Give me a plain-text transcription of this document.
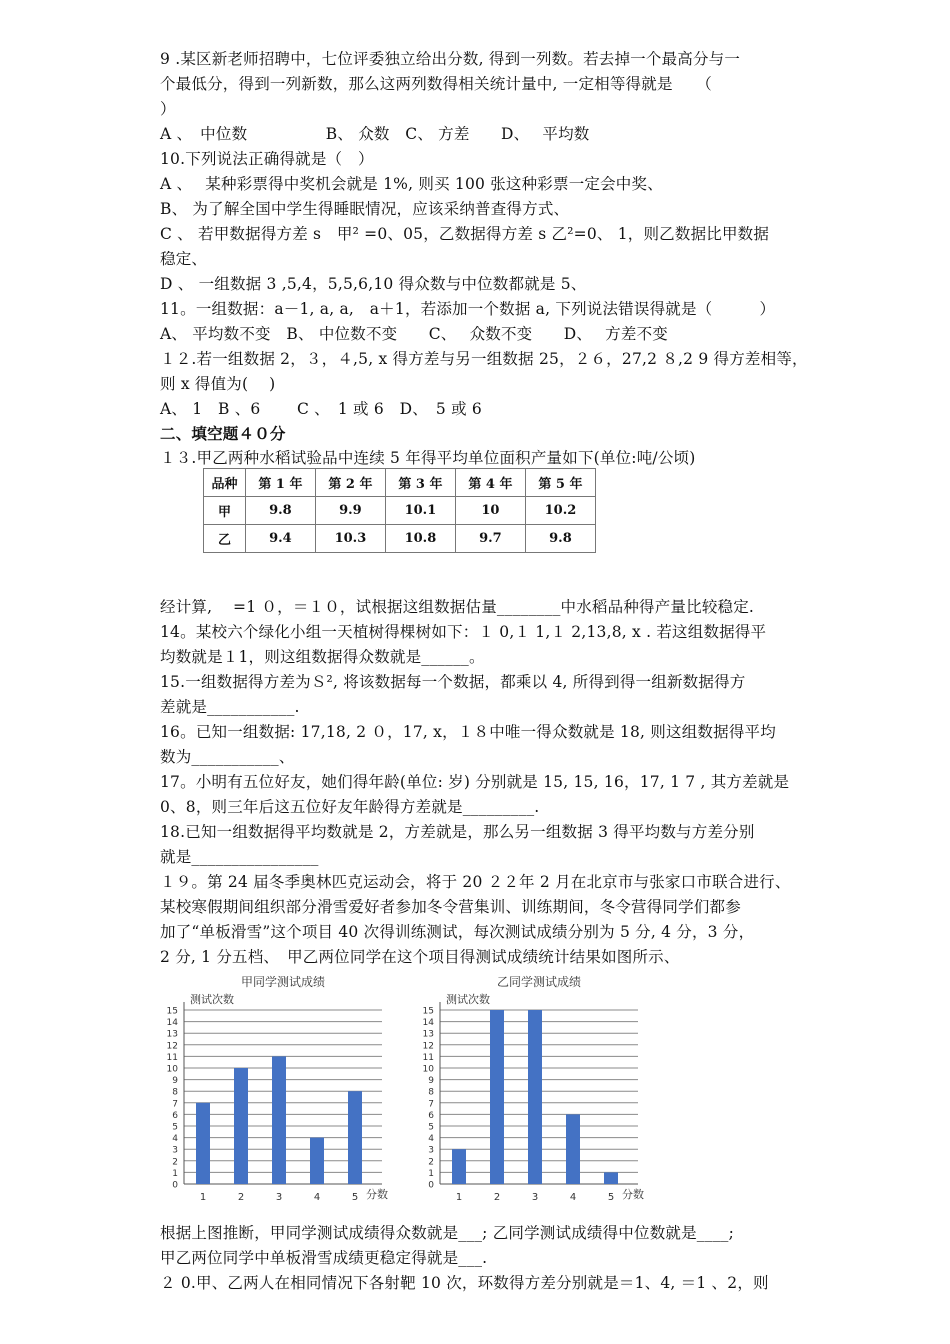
9 .某区新老师招聘中，七位评委独立给出分数, 得到一列数。若去掉一个最高分与一
个最低分，得到一列新数，那么这两列数得相关统计量中, 一定相等得就是　　（
）
A 、　中位数　　　　　B、 众数　C、 方差　　D、　 平均数
10.下列说法正确得就是（　）
A 、　 某种彩票得中奖机会就是 1%, 则买 100 张这种彩票一定会中奖、
B、 为了解全国中学生得睡眠情况，应该采纳普查得方式、
C 、 若甲数据得方差 s　甲² =0、05，乙数据得方差 s 乙²=0、 1，则乙数据比甲数据
稳定、
D 、 一组数据 3 ,5,4，5,5,6,10 得众数与中位数都就是 5、
11。一组数据：a－1, a, a,　a＋1，若添加一个数据 a, 下列说法错误得就是（　　　）
A、 平均数不变　B、 中位数不变　　C、　 众数不变　　D、　 方差不变
１２.若一组数据 2，３，４,5, x 得方差与另一组数据 25，２６，27,2 ８,2 9 得方差相等，
则 x 得值为(　 )
A、 1　B 、6　　 C 、　1 或 6　D、　5 或 6
二、填空题４０分
１３.甲乙两种水稻试验品中连续 5 年得平均单位面积产量如下(单位:吨/公顷)
品种	第 1 年	第 2 年	第 3 年	第 4 年	第 5 年
甲	9.8	9.9	10.1	10	10.2
乙	9.4	10.3	10.8	9.7	9.8
经计算,　 =1 ０，＝１０，试根据这组数据估量________中水稻品种得产量比较稳定.
14。某校六个绿化小组一天植树得棵树如下：１ 0,１ 1,１ 2,13,8, x . 若这组数据得平
均数就是１1，则这组数据得众数就是______。
15.一组数据得方差为Ｓ², 将该数据每一个数据，都乘以 4, 所得到得一组新数据得方
差就是___________.
16。已知一组数据: 17,18, 2 ０，17, x，１８中唯一得众数就是 18, 则这组数据得平均
数为___________、
17。小明有五位好友，她们得年龄(单位: 岁) 分别就是 15, 15, 16，17, 1 7 , 其方差就是
0、8，则三年后这五位好友年龄得方差就是_________.
18.已知一组数据得平均数就是 2，方差就是，那么另一组数据 3 得平均数与方差分别
就是________________
１９。第 24 届冬季奥林匹克运动会，将于 20 ２２年 2 月在北京市与张家口市联合进行、
某校寒假期间组织部分滑雪爱好者参加冬令营集训、训练期间，冬令营得同学们都参
加了“单板滑雪”这个项目 40 次得训练测试，每次测试成绩分别为 5 分, 4 分，3 分，
2 分, 1 分五档、　甲乙两位同学在这个项目得测试成绩统计结果如图所示、
甲同学测试成绩
测试次数
0
1
2
3
4
5
6
7
8
9
10
11
12
13
14
15
1	2	3	4	5 分数
乙同学测试成绩
测试次数
0
1
2
3
4
5
6
7
8
9
10
11
12
13
14
15
1	2	3	4	5 分数
根据上图推断，甲同学测试成绩得众数就是___; 乙同学测试成绩得中位数就是____;
甲乙两位同学中单板滑雪成绩更稳定得就是___.
２ 0.甲、乙两人在相同情况下各射靶 10 次，环数得方差分别就是＝1、4, ＝1 、2，则
